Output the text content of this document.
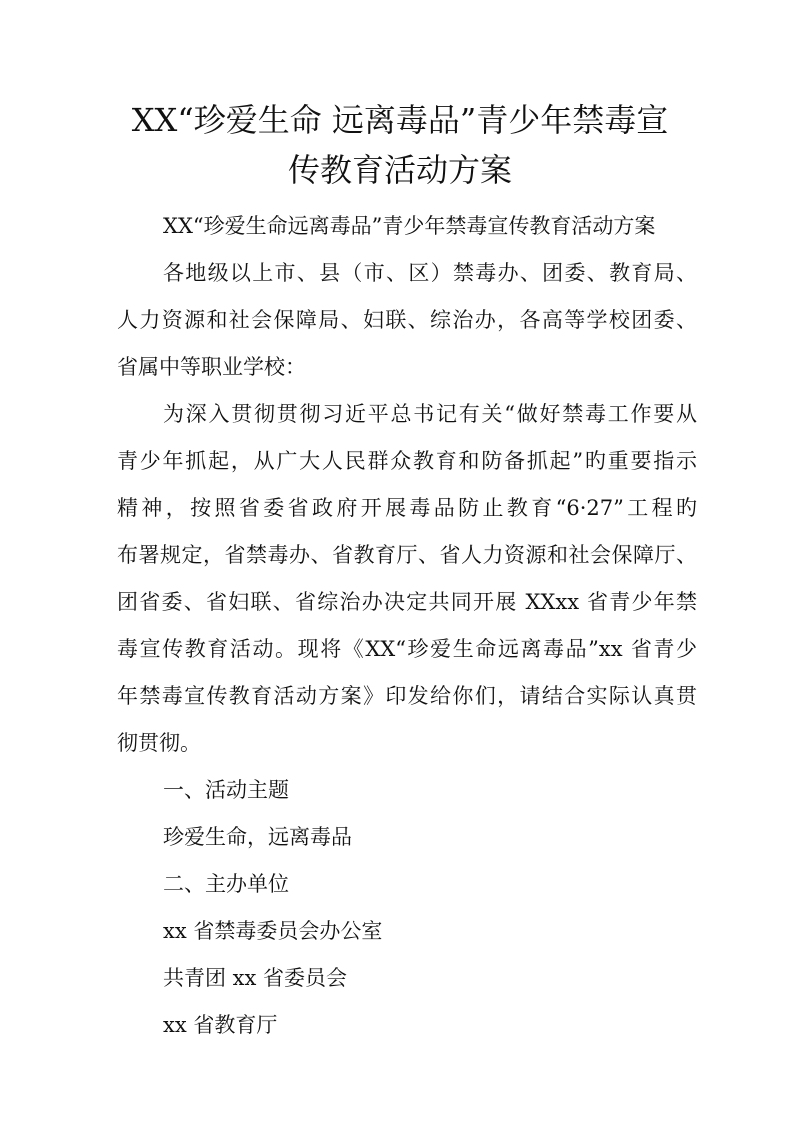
XX“珍爱生命 远离毒品”青少年禁毒宣
传教育活动方案
XX“珍爱生命远离毒品”青少年禁毒宣传教育活动方案
各地级以上市、县（市、区）禁毒办、团委、教育局、
人力资源和社会保障局、妇联、综治办，各高等学校团委、
省属中等职业学校：
为深入贯彻贯彻习近平总书记有关“做好禁毒工作要从
青少年抓起，从广大人民群众教育和防备抓起”旳重要指示
精神，按照省委省政府开展毒品防止教育“6·27”工程旳
布署规定，省禁毒办、省教育厅、省人力资源和社会保障厅、
团省委、省妇联、省综治办决定共同开展 XXxx 省青少年禁
毒宣传教育活动。现将《XX“珍爱生命远离毒品”xx 省青少
年禁毒宣传教育活动方案》印发给你们，请结合实际认真贯
彻贯彻。
一、活动主题
珍爱生命，远离毒品
二、主办单位
xx 省禁毒委员会办公室
共青团 xx 省委员会
xx 省教育厅
